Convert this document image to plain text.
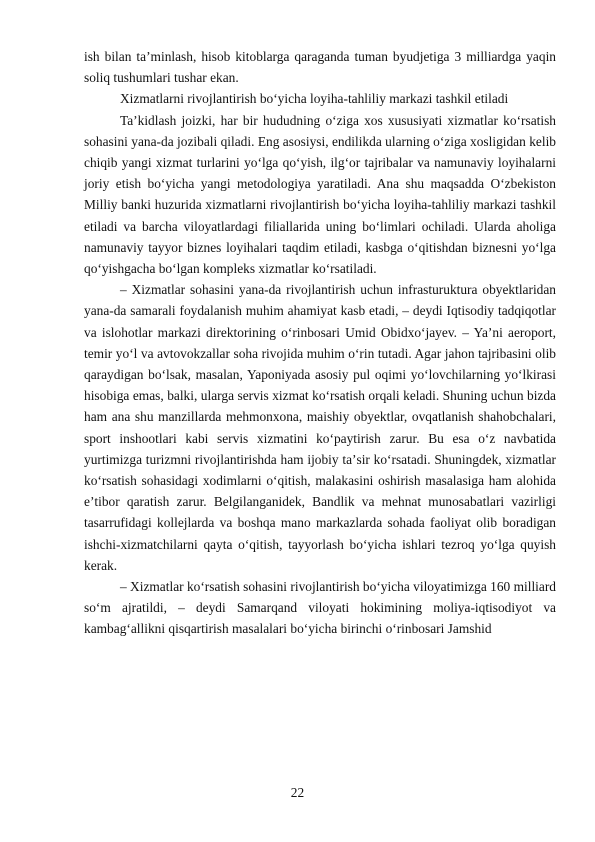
ish bilan taʼminlash, hisob kitoblarga qaraganda tuman byudjetiga 3 milliardga yaqin soliq tushumlari tushar ekan.

Xizmatlarni rivojlantirish boʻyicha loyiha-tahliliy markazi tashkil etiladi

Taʼkidlash joizki, har bir hududning oʻziga xos xususiyati xizmatlar koʻrsatish sohasini yana-da jozibali qiladi. Eng asosiysi, endilikda ularning oʻziga xosligidan kelib chiqib yangi xizmat turlarini yoʻlga qoʻyish, ilgʻor tajribalar va namunaviy loyihalarni joriy etish boʻyicha yangi metodologiya yaratiladi. Ana shu maqsadda Oʻzbekiston Milliy banki huzurida xizmatlarni rivojlantirish boʻyicha loyiha-tahliliy markazi tashkil etiladi va barcha viloyatlardagi filiallarida uning boʻlimlari ochiladi. Ularda aholiga namunaviy tayyor biznes loyihalari taqdim etiladi, kasbga oʻqitishdan biznesni yoʻlga qoʻyishgacha boʻlgan kompleks xizmatlar koʻrsatiladi.

– Xizmatlar sohasini yana-da rivojlantirish uchun infrasturuktura obyektlaridan yana-da samarali foydalanish muhim ahamiyat kasb etadi, – deydi Iqtisodiy tadqiqotlar va islohotlar markazi direktorining oʻrinbosari Umid Obidxoʻjayev. – Yaʼni aeroport, temir yoʻl va avtovokzallar soha rivojida muhim oʻrin tutadi. Agar jahon tajribasini olib qaraydigan boʻlsak, masalan, Yaponiyada asosiy pul oqimi yoʻlovchilarning yoʻlkirasi hisobiga emas, balki, ularga servis xizmat koʻrsatish orqali keladi. Shuning uchun bizda ham ana shu manzillarda mehmonxona, maishiy obyektlar, ovqatlanish shahobchalari, sport inshootlari kabi servis xizmatini koʻpaytirish zarur. Bu esa oʻz navbatida yurtimizga turizmni rivojlantirishda ham ijobiy taʼsir koʻrsatadi. Shuningdek, xizmatlar koʻrsatish sohasidagi xodimlarni oʻqitish, malakasini oshirish masalasiga ham alohida eʼtibor qaratish zarur. Belgilanganidek, Bandlik va mehnat munosabatlari vazirligi tasarrufidagi kollejlarda va boshqa mano markazlarda sohada faoliyat olib boradigan ishchi-xizmatchilarni qayta oʻqitish, tayyorlash boʻyicha ishlari tezroq yoʻlga quyish kerak.

– Xizmatlar koʻrsatish sohasini rivojlantirish boʻyicha viloyatimizga 160 milliard soʻm ajratildi, – deydi Samarqand viloyati hokimining moliya-iqtisodiyot va kambagʻallikni qisqartirish masalalari boʻyicha birinchi oʻrinbosari Jamshid

22
